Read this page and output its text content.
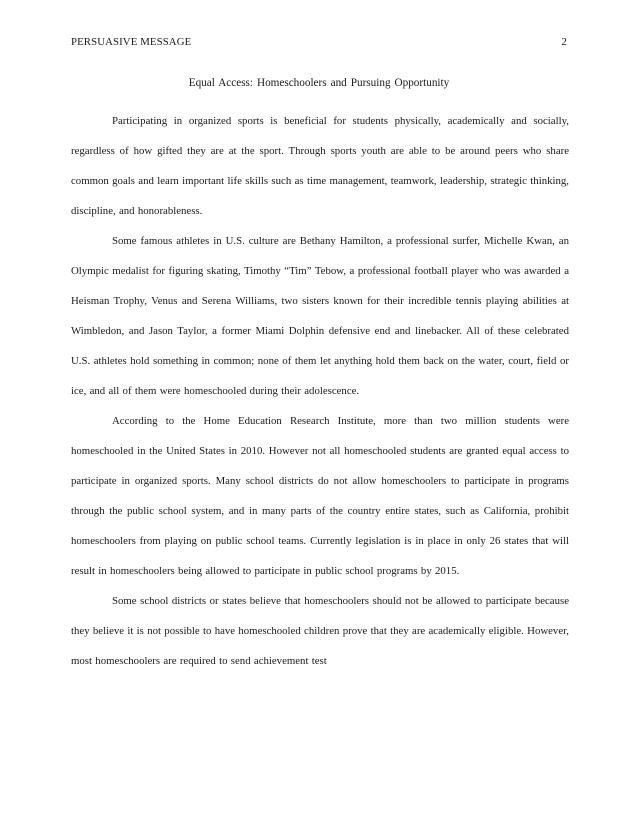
PERSUASIVE MESSAGE	2
Equal Access: Homeschoolers and Pursuing Opportunity

Participating in organized sports is beneficial for students physically, academically and socially, regardless of how gifted they are at the sport. Through sports youth are able to be around peers who share common goals and learn important life skills such as time management, teamwork, leadership, strategic thinking, discipline, and honorableness.

Some famous athletes in U.S. culture are Bethany Hamilton, a professional surfer, Michelle Kwan, an Olympic medalist for figuring skating, Timothy “Tim” Tebow, a professional football player who was awarded a Heisman Trophy, Venus and Serena Williams, two sisters known for their incredible tennis playing abilities at Wimbledon, and Jason Taylor, a former Miami Dolphin defensive end and linebacker. All of these celebrated U.S. athletes hold something in common; none of them let anything hold them back on the water, court, field or ice, and all of them were homeschooled during their adolescence.

According to the Home Education Research Institute, more than two million students were homeschooled in the United States in 2010. However not all homeschooled students are granted equal access to participate in organized sports. Many school districts do not allow homeschoolers to participate in programs through the public school system, and in many parts of the country entire states, such as California, prohibit homeschoolers from playing on public school teams. Currently legislation is in place in only 26 states that will result in homeschoolers being allowed to participate in public school programs by 2015.

Some school districts or states believe that homeschoolers should not be allowed to participate because they believe it is not possible to have homeschooled children prove that they are academically eligible. However, most homeschoolers are required to send achievement test
